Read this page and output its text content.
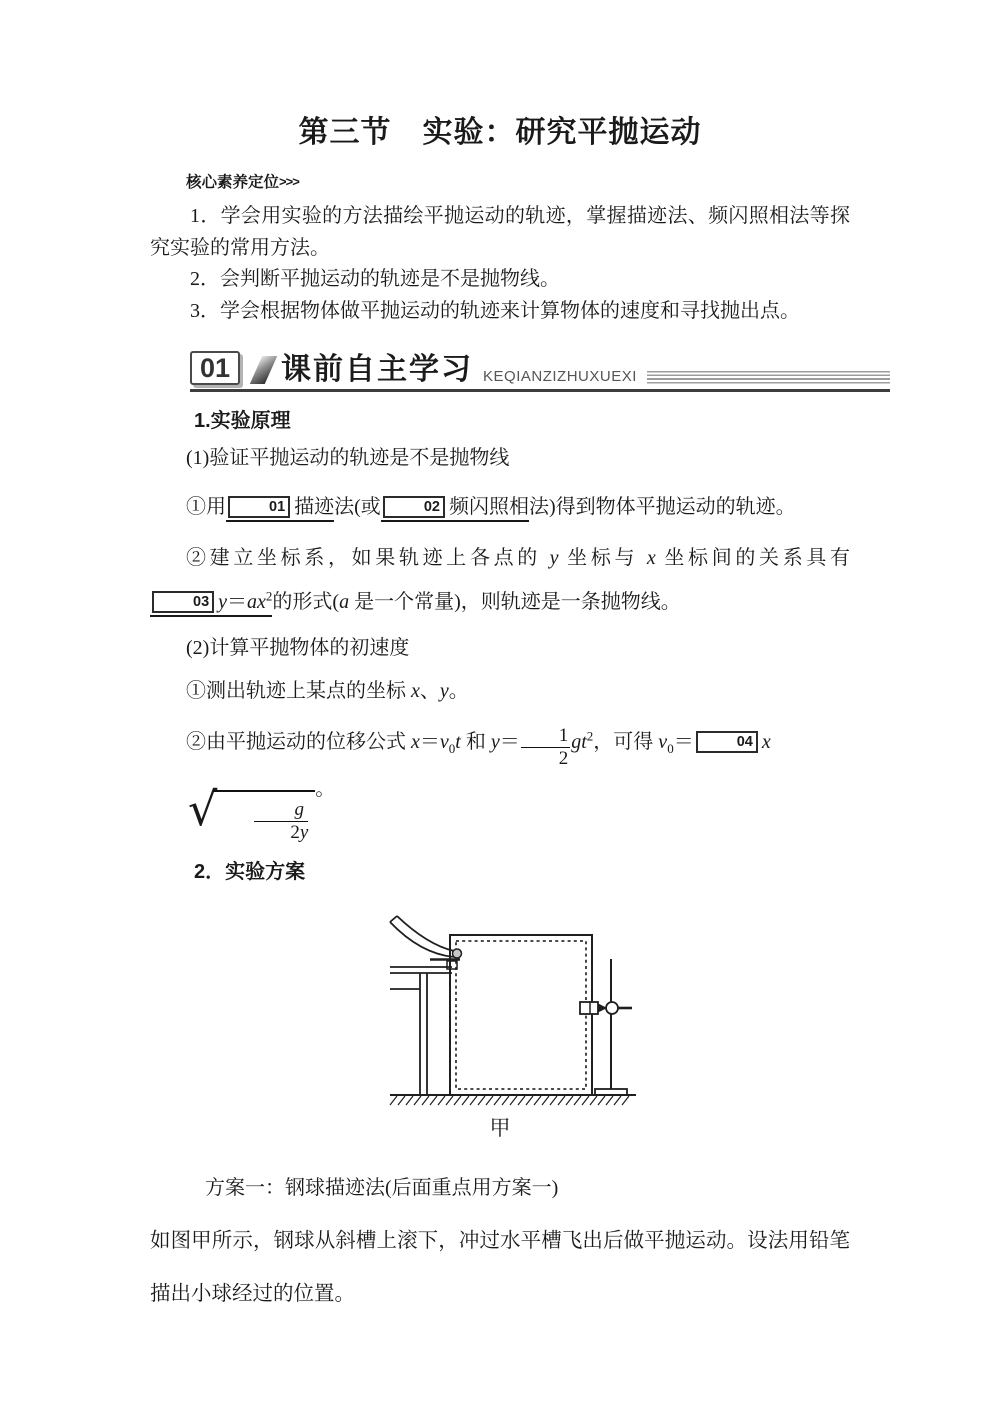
第三节　实验：研究平抛运动
核心素养定位>>>

1．学会用实验的方法描绘平抛运动的轨迹，掌握描迹法、频闪照相法等探究实验的常用方法。

2．会判断平抛运动的轨迹是不是抛物线。

3．学会根据物体做平抛运动的轨迹来计算物体的速度和寻找抛出点。

01	课前自主学习 KEQIANZIZHUXUEXI
1.实验原理

(1)验证平抛运动的轨迹是不是抛物线

①用	01 描迹法(或	02 频闪照相法)得到物体平抛运动的轨迹。

②建立坐标系，如果轨迹上各点的 y 坐标与 x 坐标间的关系具有03 $y=ax^2$的形式(a 是一个常量)，则轨迹是一条抛物线。

(2)计算平抛物体的初速度

①测出轨迹上某点的坐标 x、y。

②由平抛运动的位移公式 $x=v_0t$ 和 $y= \frac{1}{2} gt^2$，可得 $v_0=$	04 x
√ $\frac{g}{2y}$
。

2．实验方案
甲

方案一：钢球描迹法(后面重点用方案一)

如图甲所示，钢球从斜槽上滚下，冲过水平槽飞出后做平抛运动。设法用铅笔描出小球经过的位置。
